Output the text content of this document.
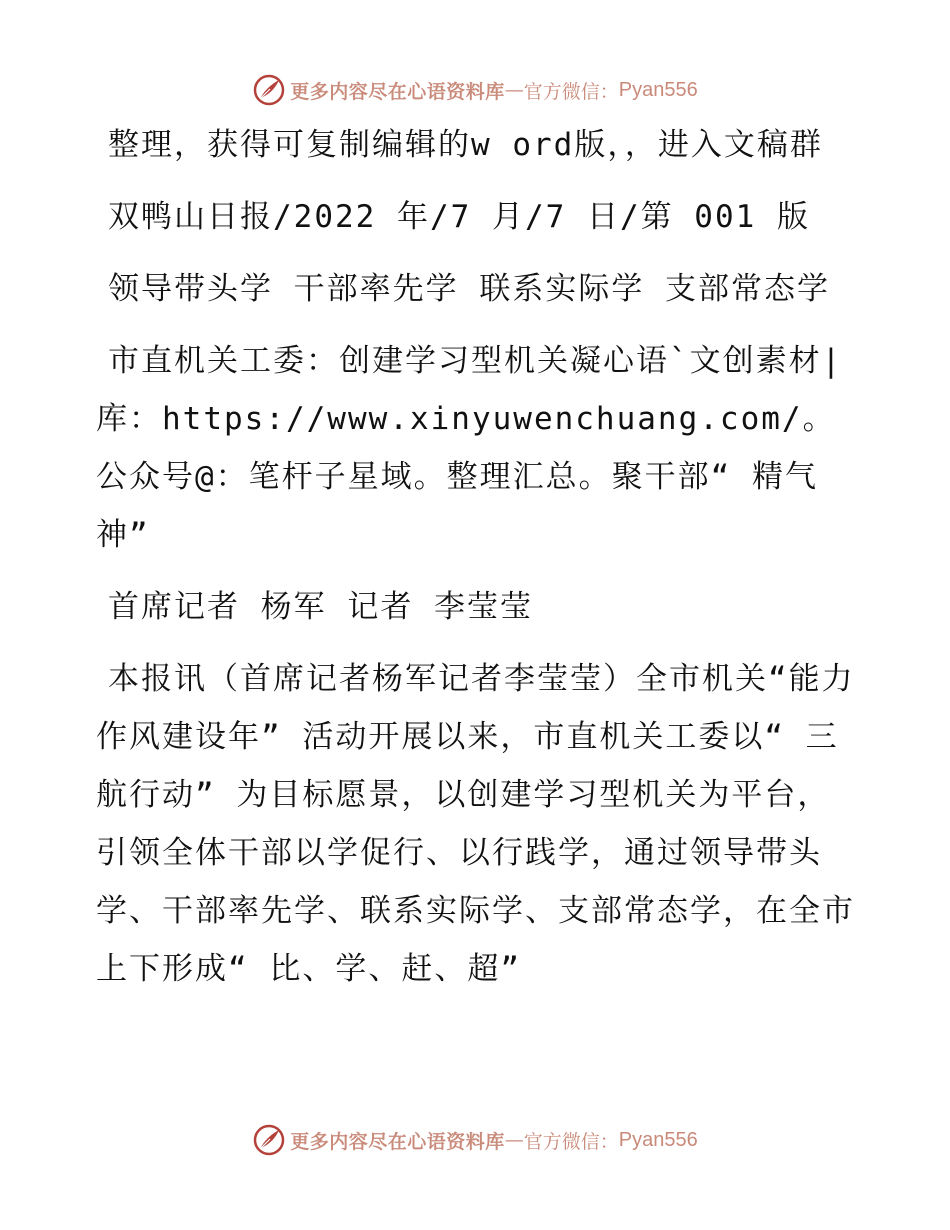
更多内容尽在心语资料库 — 官方微信： Pyan556

整理，获得可复制编辑的w ord版，，进入文稿群

双鸭山日报/2022 年/7 月/7 日/第 001 版

领导带头学 干部率先学 联系实际学 支部常态学

市直机关工委：创建学习型机关凝心语`文创素材|库：https://www.xinyuwenchuang.com/。公众号@：笔杆子星域。整理汇总。聚干部“ 精气神”

首席记者 杨军 记者 李莹莹

本报讯（首席记者杨军记者李莹莹）全市机关“能力作风建设年” 活动开展以来，市直机关工委以“ 三航行动” 为目标愿景，以创建学习型机关为平台，引领全体干部以学促行、以行践学，通过领导带头学、干部率先学、联系实际学、支部常态学，在全市上下形成“ 比、学、赶、超”

更多内容尽在心语资料库 — 官方微信： Pyan556
